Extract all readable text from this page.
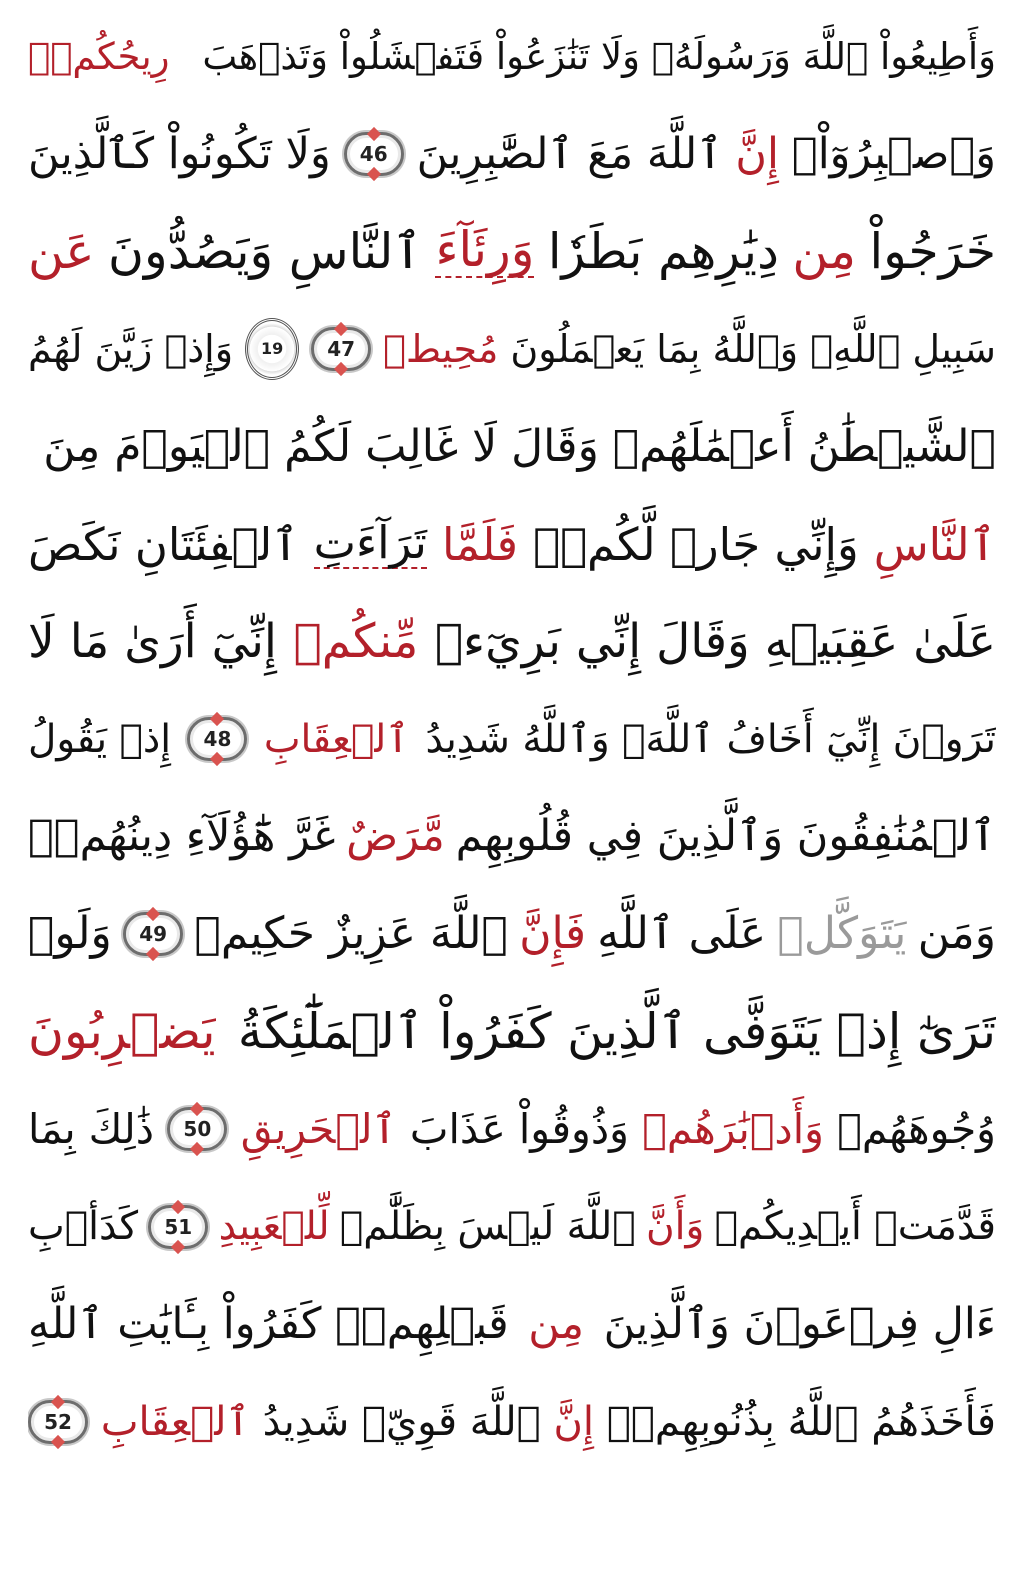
وَأَطِيعُواْ ٱللَّهَ وَرَسُولَهُۥ وَلَا تَنَٰزَعُواْ فَتَفۡشَلُواْ وَتَذۡهَبَ
رِيحُكُمۡۖ
وَٱصۡبِرُوٓاْۚ
إِنَّ
ٱللَّهَ مَعَ ٱلصَّٰبِرِينَ
46
وَلَا تَكُونُواْ كَٱلَّذِينَ
خَرَجُواْ
مِن
دِيَٰرِهِم بَطَرٗا
وَرِئَآءَ
ٱلنَّاسِ وَيَصُدُّونَ
عَن
سَبِيلِ ٱللَّهِۚ وَٱللَّهُ بِمَا يَعۡمَلُونَ
مُحِيطٞ
47
19
وَإِذۡ زَيَّنَ لَهُمُ
ٱلشَّيۡطَٰنُ أَعۡمَٰلَهُمۡ وَقَالَ لَا غَالِبَ لَكُمُ ٱلۡيَوۡمَ مِنَ
ٱلنَّاسِ
وَإِنِّي جَارٞ لَّكُمۡۖ
فَلَمَّا
تَرَآءَتِ
ٱلۡفِئَتَانِ نَكَصَ
عَلَىٰ عَقِبَيۡهِ وَقَالَ إِنِّي بَرِيٓءٞ
مِّنكُمۡ
إِنِّيٓ أَرَىٰ مَا لَا
تَرَوۡنَ إِنِّيٓ أَخَافُ ٱللَّهَۚ وَٱللَّهُ شَدِيدُ
ٱلۡعِقَابِ
48
إِذۡ يَقُولُ
ٱلۡمُنَٰفِقُونَ وَٱلَّذِينَ فِي قُلُوبِهِم
مَّرَضٌ
غَرَّ هَٰٓؤُلَآءِ دِينُهُمۡۗ
وَمَن
يَتَوَكَّلۡ
عَلَى ٱللَّهِ
فَإِنَّ
ٱللَّهَ عَزِيزٌ حَكِيمٞ
49
وَلَوۡ
تَرَىٰٓ إِذۡ يَتَوَفَّى ٱلَّذِينَ كَفَرُواْ ٱلۡمَلَٰٓئِكَةُ
يَضۡرِبُونَ
وُجُوهَهُمۡ
وَأَدۡبَٰرَهُمۡ
وَذُوقُواْ عَذَابَ
ٱلۡحَرِيقِ
50
ذَٰلِكَ بِمَا
قَدَّمَتۡ أَيۡدِيكُمۡ
وَأَنَّ
ٱللَّهَ لَيۡسَ بِظَلَّٰمٖ
لِّلۡعَبِيدِ
51
كَدَأۡبِ
ءَالِ فِرۡعَوۡنَ وَٱلَّذِينَ
مِن
قَبۡلِهِمۡۚ كَفَرُواْ بِـَٔايَٰتِ ٱللَّهِ
فَأَخَذَهُمُ ٱللَّهُ بِذُنُوبِهِمۡۗ
إِنَّ
ٱللَّهَ قَوِيّٞ شَدِيدُ
ٱلۡعِقَابِ
52
